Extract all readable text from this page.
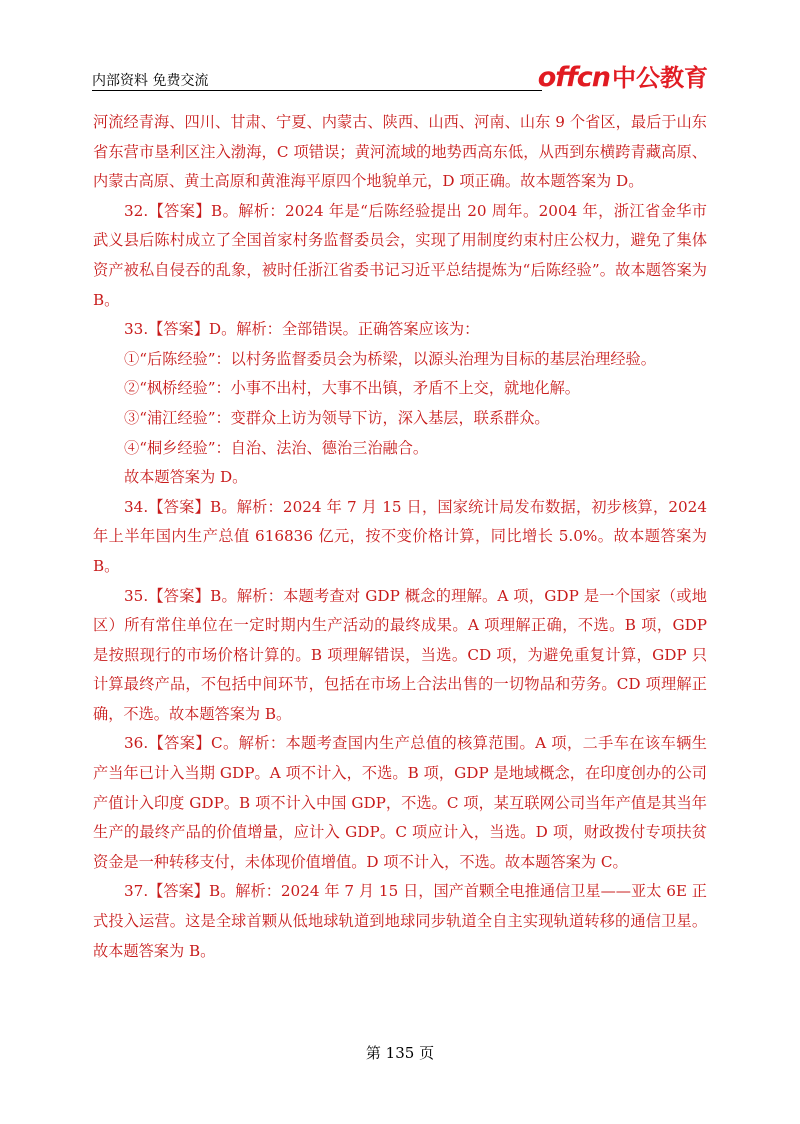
内部资料 免费交流	offcn中公教育

河流经青海、四川、甘肃、宁夏、内蒙古、陕西、山西、河南、山东 9 个省区，最后于山东省东营市垦利区注入渤海，C 项错误；黄河流域的地势西高东低，从西到东横跨青藏高原、内蒙古高原、黄土高原和黄淮海平原四个地貌单元，D 项正确。故本题答案为 D。

32.【答案】B。解析：2024 年是“后陈经验提出 20 周年。2004 年，浙江省金华市武义县后陈村成立了全国首家村务监督委员会，实现了用制度约束村庄公权力，避免了集体资产被私自侵吞的乱象，被时任浙江省委书记习近平总结提炼为“后陈经验”。故本题答案为 B。

33.【答案】D。解析：全部错误。正确答案应该为：

①“后陈经验”：以村务监督委员会为桥梁，以源头治理为目标的基层治理经验。

②“枫桥经验”：小事不出村，大事不出镇，矛盾不上交，就地化解。

③“浦江经验”：变群众上访为领导下访，深入基层，联系群众。

④“桐乡经验”：自治、法治、德治三治融合。

故本题答案为 D。

34.【答案】B。解析：2024 年 7 月 15 日，国家统计局发布数据，初步核算，2024 年上半年国内生产总值 616836 亿元，按不变价格计算，同比增长 5.0%。故本题答案为 B。

35.【答案】B。解析：本题考查对 GDP 概念的理解。A 项，GDP 是一个国家（或地区）所有常住单位在一定时期内生产活动的最终成果。A 项理解正确，不选。B 项，GDP 是按照现行的市场价格计算的。B 项理解错误，当选。CD 项，为避免重复计算，GDP 只计算最终产品，不包括中间环节，包括在市场上合法出售的一切物品和劳务。CD 项理解正确，不选。故本题答案为 B。

36.【答案】C。解析：本题考查国内生产总值的核算范围。A 项，二手车在该车辆生产当年已计入当期 GDP。A 项不计入，不选。B 项，GDP 是地域概念，在印度创办的公司产值计入印度 GDP。B 项不计入中国 GDP，不选。C 项，某互联网公司当年产值是其当年生产的最终产品的价值增量，应计入 GDP。C 项应计入，当选。D 项，财政拨付专项扶贫资金是一种转移支付，未体现价值增值。D 项不计入，不选。故本题答案为 C。

37.【答案】B。解析：2024 年 7 月 15 日，国产首颗全电推通信卫星——亚太 6E 正式投入运营。这是全球首颗从低地球轨道到地球同步轨道全自主实现轨道转移的通信卫星。故本题答案为 B。

第 135 页
